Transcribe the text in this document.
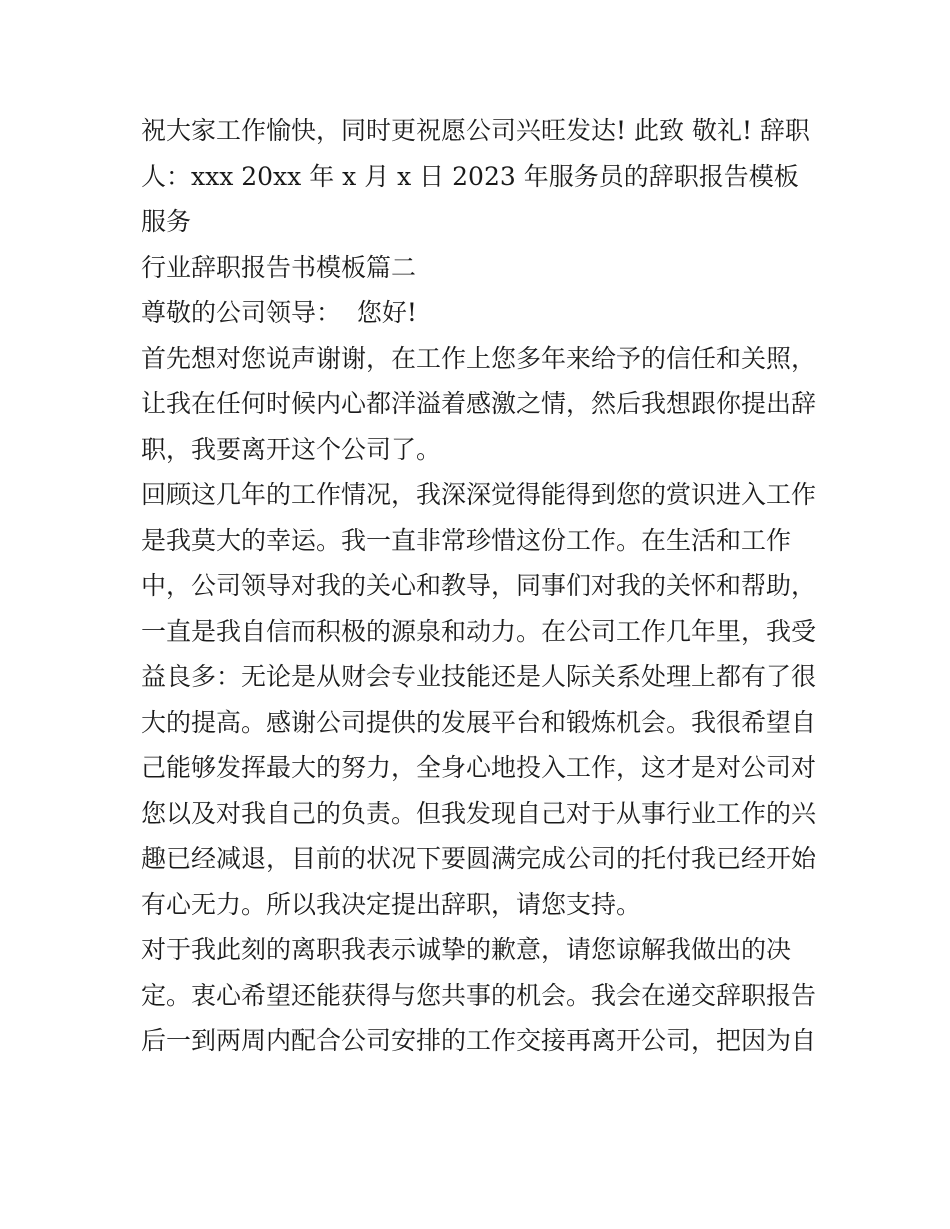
祝大家工作愉快，同时更祝愿公司兴旺发达! 此致 敬礼! 辞职
人：xxx 20xx 年 x 月 x 日 2023 年服务员的辞职报告模板 服务
行业辞职报告书模板篇二

尊敬的公司领导：  您好!

首先想对您说声谢谢，在工作上您多年来给予的信任和关照，
让我在任何时候内心都洋溢着感激之情，然后我想跟你提出辞
职，我要离开这个公司了。

回顾这几年的工作情况，我深深觉得能得到您的赏识进入工作
是我莫大的幸运。我一直非常珍惜这份工作。在生活和工作
中，公司领导对我的关心和教导，同事们对我的关怀和帮助，
一直是我自信而积极的源泉和动力。在公司工作几年里，我受
益良多：无论是从财会专业技能还是人际关系处理上都有了很
大的提高。感谢公司提供的发展平台和锻炼机会。我很希望自
己能够发挥最大的努力，全身心地投入工作，这才是对公司对
您以及对我自己的负责。但我发现自己对于从事行业工作的兴
趣已经减退，目前的状况下要圆满完成公司的托付我已经开始
有心无力。所以我决定提出辞职，请您支持。

对于我此刻的离职我表示诚挚的歉意，请您谅解我做出的决
定。衷心希望还能获得与您共事的机会。我会在递交辞职报告
后一到两周内配合公司安排的工作交接再离开公司，把因为自
